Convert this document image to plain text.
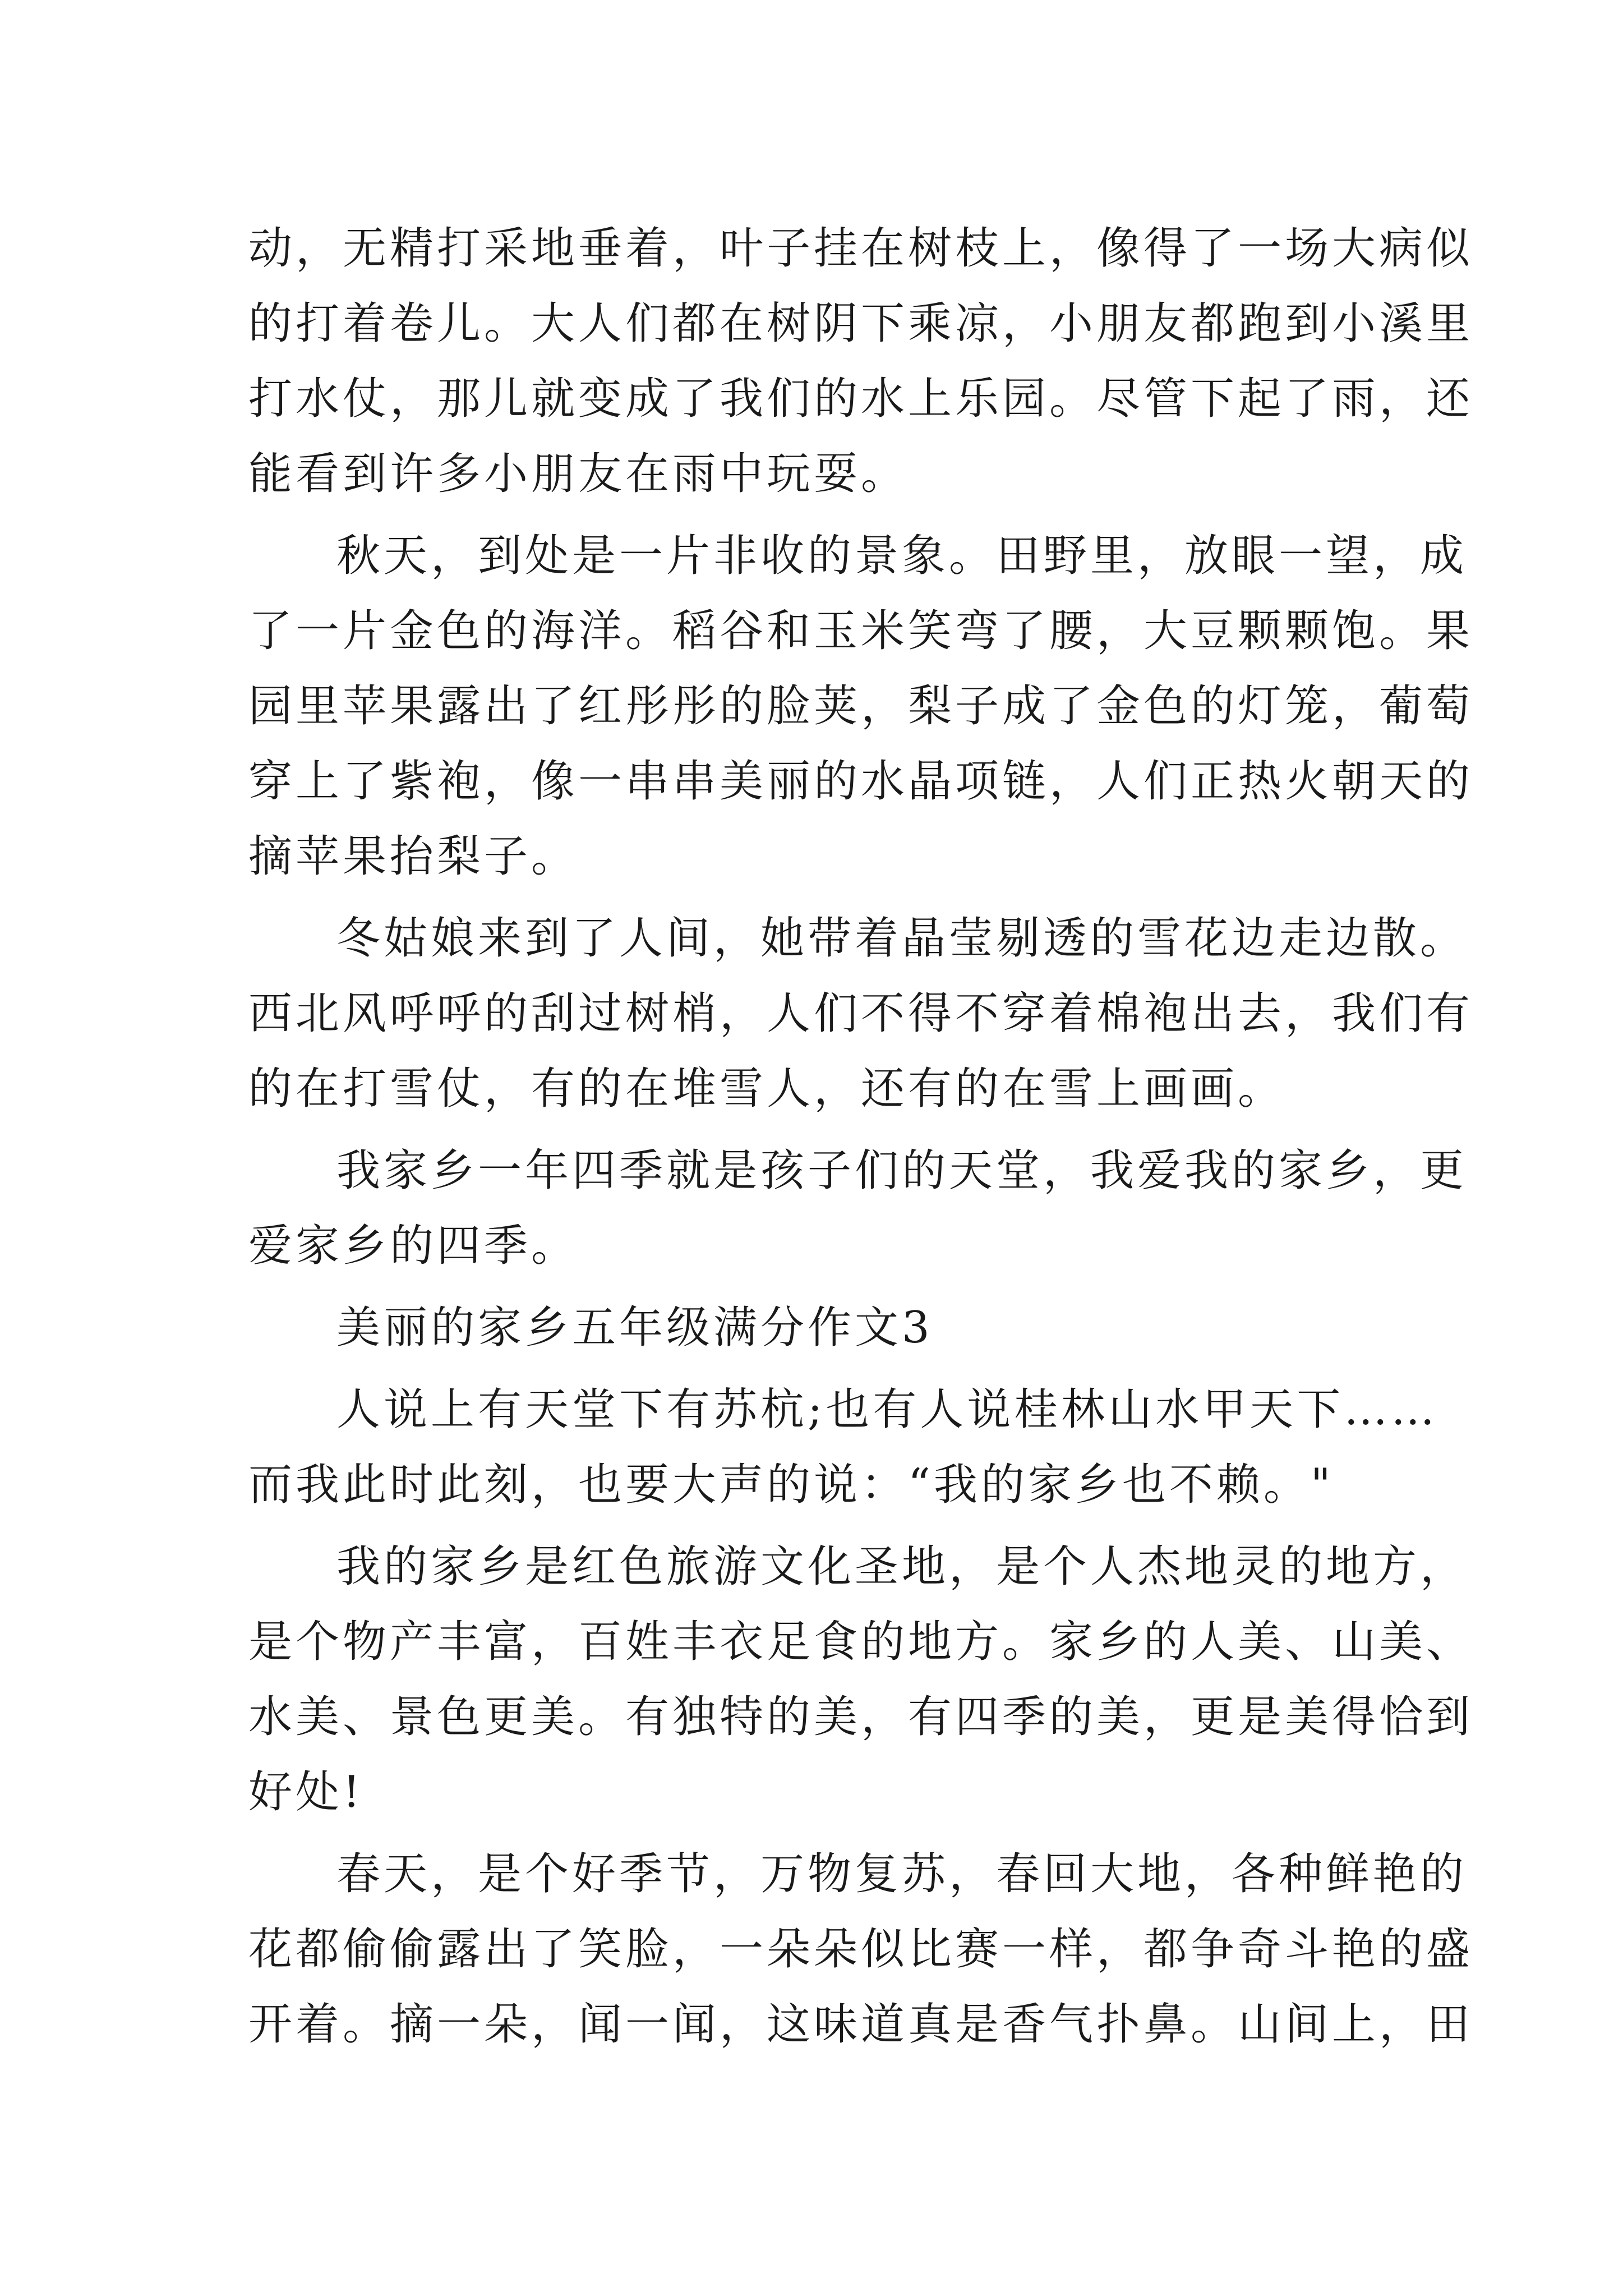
动，无精打采地垂着，叶子挂在树枝上，像得了一场大病似
的打着卷儿。大人们都在树阴下乘凉，小朋友都跑到小溪里
打水仗，那儿就变成了我们的水上乐园。尽管下起了雨，还
能看到许多小朋友在雨中玩耍。
秋天，到处是一片非收的景象。田野里，放眼一望，成
了一片金色的海洋。稻谷和玉米笑弯了腰，大豆颗颗饱。果
园里苹果露出了红彤彤的脸荚，梨子成了金色的灯笼，葡萄
穿上了紫袍，像一串串美丽的水晶项链，人们正热火朝天的
摘苹果抬梨子。
冬姑娘来到了人间，她带着晶莹剔透的雪花边走边散。
西北风呼呼的刮过树梢，人们不得不穿着棉袍出去，我们有
的在打雪仗，有的在堆雪人，还有的在雪上画画。
我家乡一年四季就是孩子们的天堂，我爱我的家乡，更
爱家乡的四季。
美丽的家乡五年级满分作文3
人说上有天堂下有苏杭;也有人说桂林山水甲天下……
而我此时此刻，也要大声的说：“我的家乡也不赖。"
我的家乡是红色旅游文化圣地，是个人杰地灵的地方，
是个物产丰富，百姓丰衣足食的地方。家乡的人美、山美、
水美、景色更美。有独特的美，有四季的美，更是美得恰到
好处!
春天，是个好季节，万物复苏，春回大地，各种鲜艳的
花都偷偷露出了笑脸，一朵朵似比赛一样，都争奇斗艳的盛
开着。摘一朵，闻一闻，这味道真是香气扑鼻。山间上，田
